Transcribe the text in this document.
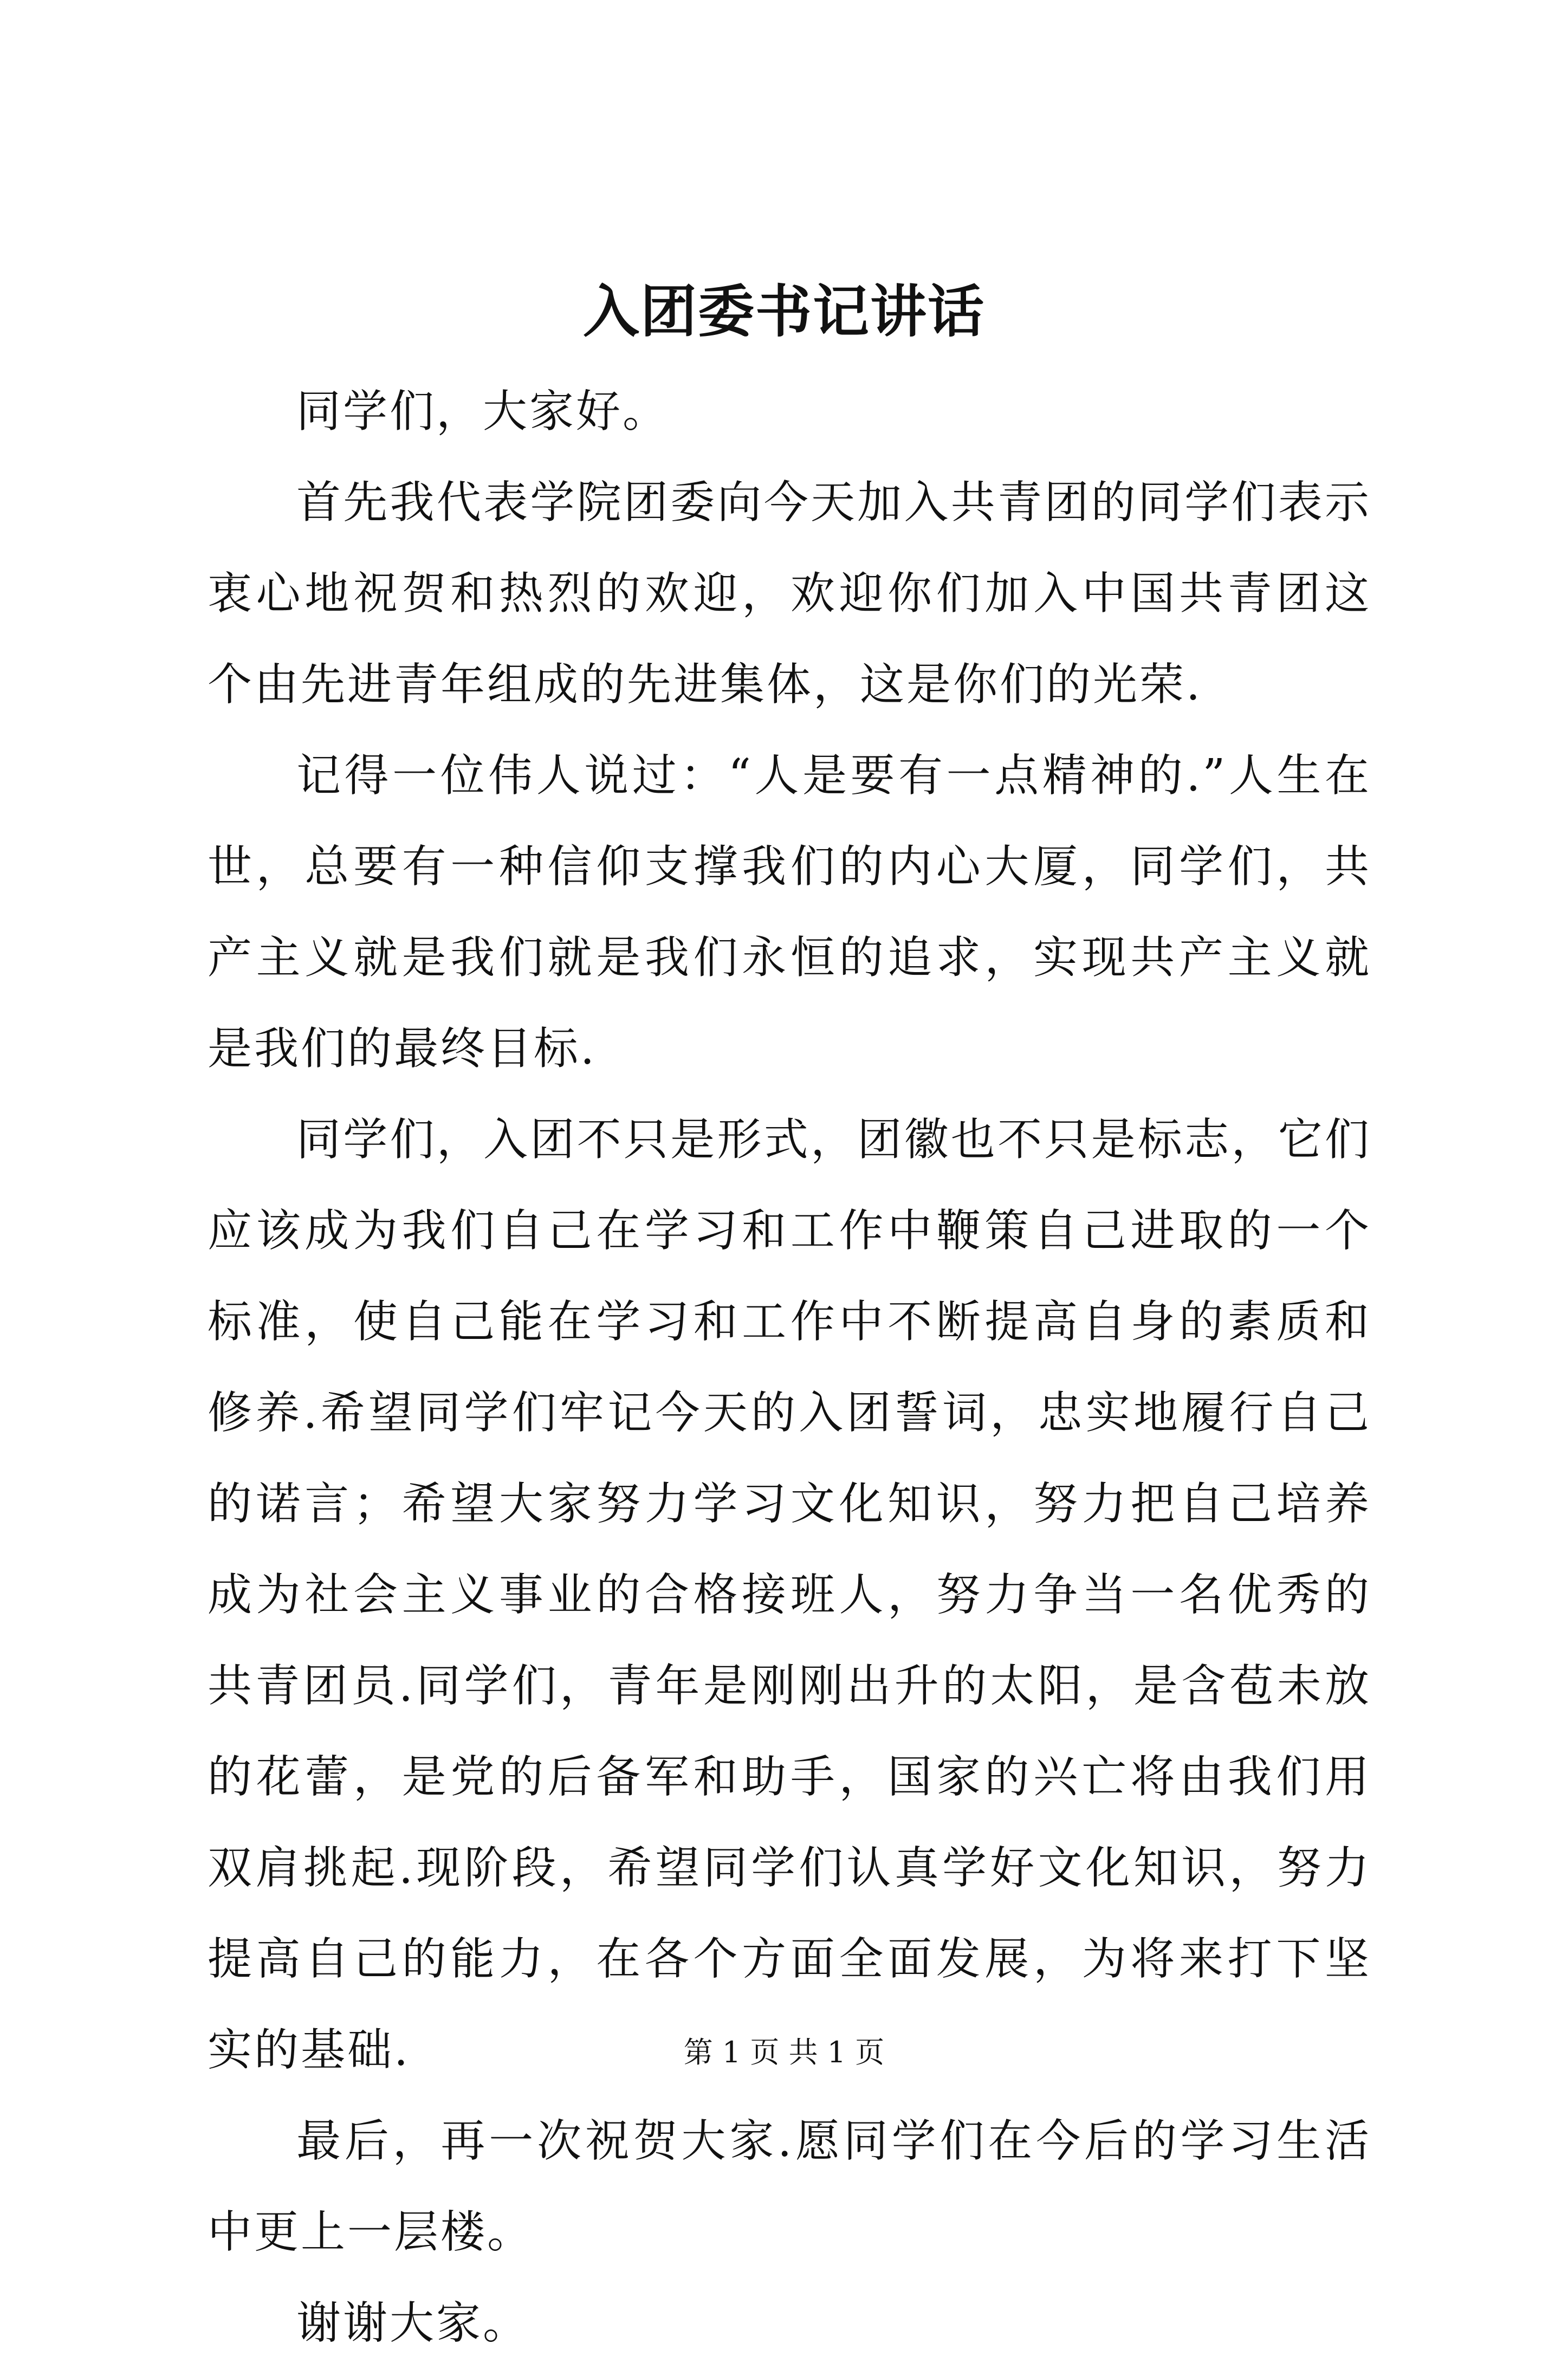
入团委书记讲话

同学们，大家好。

首先我代表学院团委向今天加入共青团的同学们表示衷心地祝贺和热烈的欢迎，欢迎你们加入中国共青团这个由先进青年组成的先进集体，这是你们的光荣.

记得一位伟人说过：“人是要有一点精神的.”人生在世，总要有一种信仰支撑我们的内心大厦，同学们，共产主义就是我们就是我们永恒的追求，实现共产主义就是我们的最终目标.

同学们，入团不只是形式，团徽也不只是标志，它们应该成为我们自己在学习和工作中鞭策自己进取的一个标准，使自己能在学习和工作中不断提高自身的素质和修养.希望同学们牢记今天的入团誓词，忠实地履行自己的诺言；希望大家努力学习文化知识，努力把自己培养成为社会主义事业的合格接班人，努力争当一名优秀的共青团员.同学们，青年是刚刚出升的太阳，是含苞未放的花蕾，是党的后备军和助手，国家的兴亡将由我们用双肩挑起.现阶段，希望同学们认真学好文化知识，努力提高自己的能力，在各个方面全面发展，为将来打下坚实的基础.

最后，再一次祝贺大家.愿同学们在今后的学习生活中更上一层楼。

谢谢大家。

第 1 页 共 1 页
